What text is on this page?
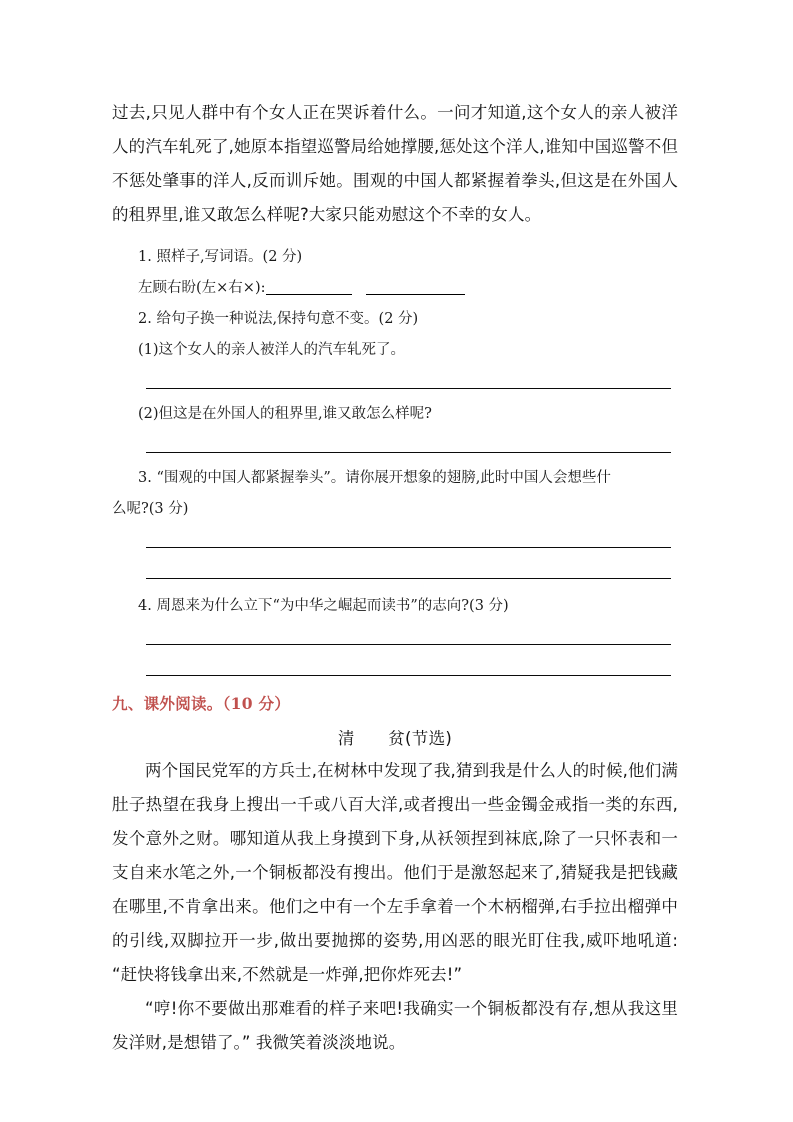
过去,只见人群中有个女人正在哭诉着什么。一问才知道,这个女人的亲人被洋人的汽车轧死了,她原本指望巡警局给她撑腰,惩处这个洋人,谁知中国巡警不但不惩处肇事的洋人,反而训斥她。围观的中国人都紧握着拳头,但这是在外国人的租界里,谁又敢怎么样呢?大家只能劝慰这个不幸的女人。

1. 照样子,写词语。(2 分)

左顾右盼(左×右×):

2. 给句子换一种说法,保持句意不变。(2 分)

(1)这个女人的亲人被洋人的汽车轧死了。

(2)但这是在外国人的租界里,谁又敢怎么样呢?

3. “围观的中国人都紧握拳头”。请你展开想象的翅膀,此时中国人会想些什

么呢?(3 分)

4. 周恩来为什么立下“为中华之崛起而读书”的志向?(3 分)

九、课外阅读。（10 分）

清　　贫(节选)

两个国民党军的方兵士,在树林中发现了我,猜到我是什么人的时候,他们满肚子热望在我身上搜出一千或八百大洋,或者搜出一些金镯金戒指一类的东西,发个意外之财。哪知道从我上身摸到下身,从袄领捏到袜底,除了一只怀表和一支自来水笔之外,一个铜板都没有搜出。他们于是激怒起来了,猜疑我是把钱藏在哪里,不肯拿出来。他们之中有一个左手拿着一个木柄榴弹,右手拉出榴弹中的引线,双脚拉开一步,做出要抛掷的姿势,用凶恶的眼光盯住我,威吓地吼道: “赶快将钱拿出来,不然就是一炸弹,把你炸死去!”

“哼!你不要做出那难看的样子来吧!我确实一个铜板都没有存,想从我这里发洋财,是想错了。” 我微笑着淡淡地说。
